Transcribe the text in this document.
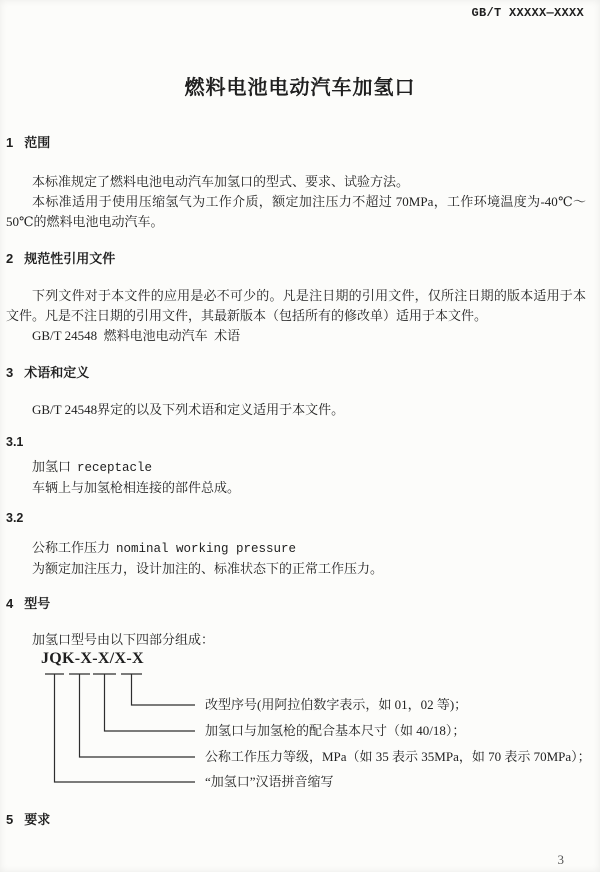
GB/T XXXXX—XXXX
燃料电池电动汽车加氢口
1 范围

本标准规定了燃料电池电动汽车加氢口的型式、要求、试验方法。

本标准适用于使用压缩氢气为工作介质，额定加注压力不超过 70MPa，工作环境温度为-40℃～50℃的燃料电池电动汽车。

2 规范性引用文件

下列文件对于本文件的应用是必不可少的。凡是注日期的引用文件，仅所注日期的版本适用于本文件。凡是不注日期的引用文件，其最新版本（包括所有的修改单）适用于本文件。

GB/T 24548  燃料电池电动汽车  术语

3 术语和定义

GB/T 24548界定的以及下列术语和定义适用于本文件。

3.1

加氢口 receptacle

车辆上与加氢枪相连接的部件总成。

3.2

公称工作压力 nominal working pressure

为额定加注压力，设计加注的、标准状态下的正常工作压力。

4 型号

加氢口型号由以下四部分组成：

JQK-X-X/X-X
改型序号(用阿拉伯数字表示，如 01，02 等)；
加氢口与加氢枪的配合基本尺寸（如 40/18）；
公称工作压力等级，MPa（如 35 表示 35MPa，如 70 表示 70MPa）；
“加氢口”汉语拼音缩写
5 要求
3
